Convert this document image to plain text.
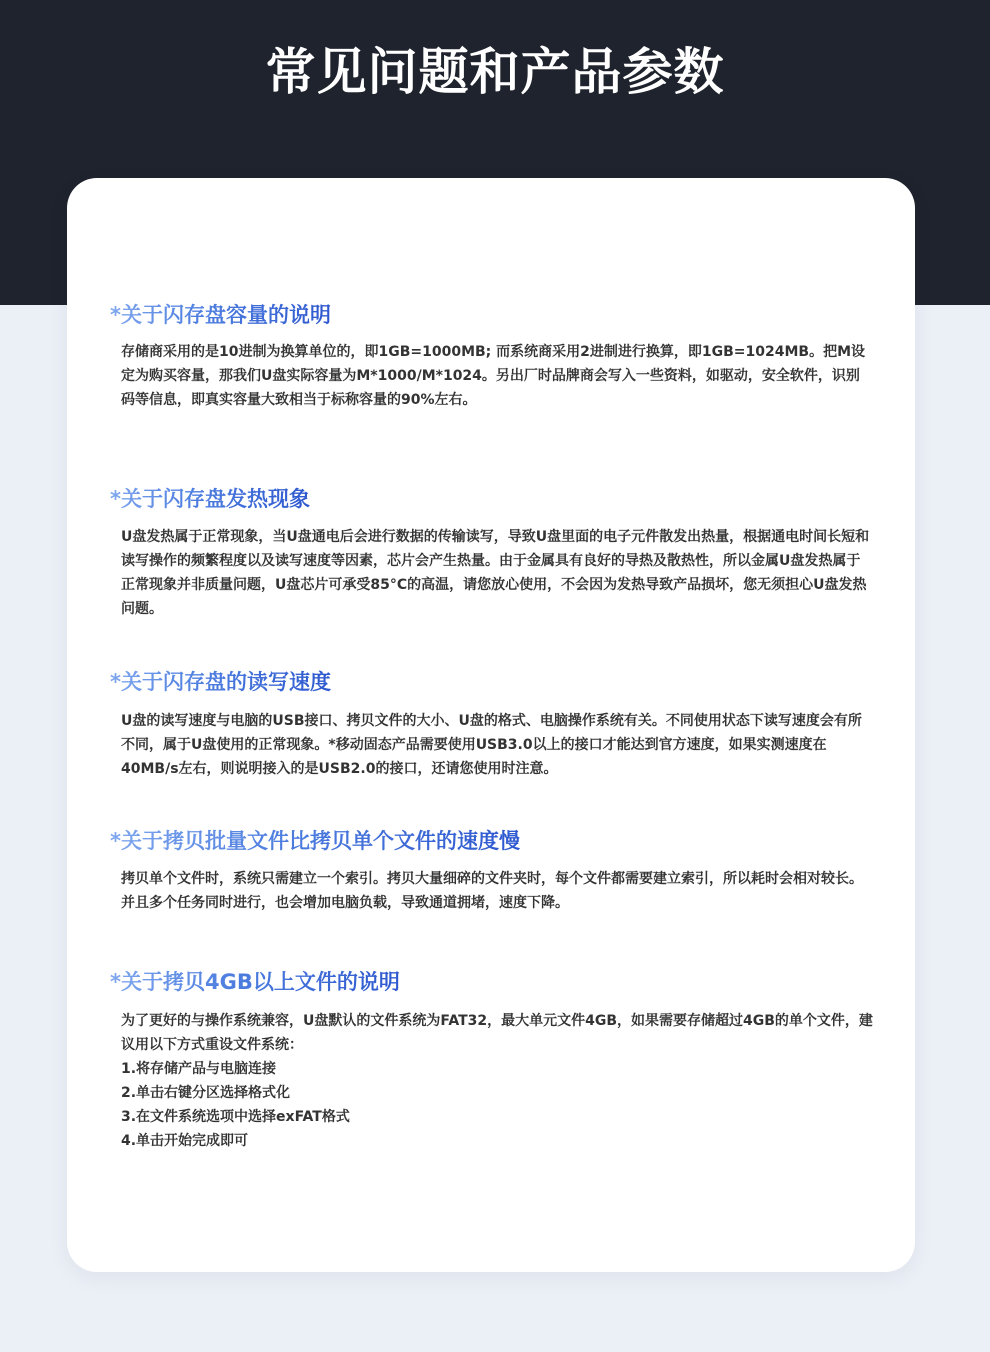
常见问题和产品参数
*关于闪存盘容量的说明

存储商采用的是10进制为换算单位的，即1GB=1000MB; 而系统商采用2进制进行换算，即1GB=1024MB。把M设定为购买容量，那我们U盘实际容量为M*1000/M*1024。另出厂时品牌商会写入一些资料，如驱动，安全软件，识别码等信息，即真实容量大致相当于标称容量的90%左右。

*关于闪存盘发热现象

U盘发热属于正常现象，当U盘通电后会进行数据的传输读写，导致U盘里面的电子元件散发出热量，根据通电时间长短和读写操作的频繁程度以及读写速度等因素，芯片会产生热量。由于金属具有良好的导热及散热性，所以金属U盘发热属于正常现象并非质量问题，U盘芯片可承受85°C的高温，请您放心使用，不会因为发热导致产品损坏，您无须担心U盘发热问题。

*关于闪存盘的读写速度

U盘的读写速度与电脑的USB接口、拷贝文件的大小、U盘的格式、电脑操作系统有关。不同使用状态下读写速度会有所不同，属于U盘使用的正常现象。*移动固态产品需要使用USB3.0以上的接口才能达到官方速度，如果实测速度在40MB/s左右，则说明接入的是USB2.0的接口，还请您使用时注意。

*关于拷贝批量文件比拷贝单个文件的速度慢

拷贝单个文件时，系统只需建立一个索引。拷贝大量细碎的文件夹时，每个文件都需要建立索引，所以耗时会相对较长。并且多个任务同时进行，也会增加电脑负载，导致通道拥堵，速度下降。

*关于拷贝4GB以上文件的说明

为了更好的与操作系统兼容，U盘默认的文件系统为FAT32，最大单元文件4GB，如果需要存储超过4GB的单个文件，建议用以下方式重设文件系统：

1.将存储产品与电脑连接
2.单击右键分区选择格式化
3.在文件系统选项中选择exFAT格式
4.单击开始完成即可
